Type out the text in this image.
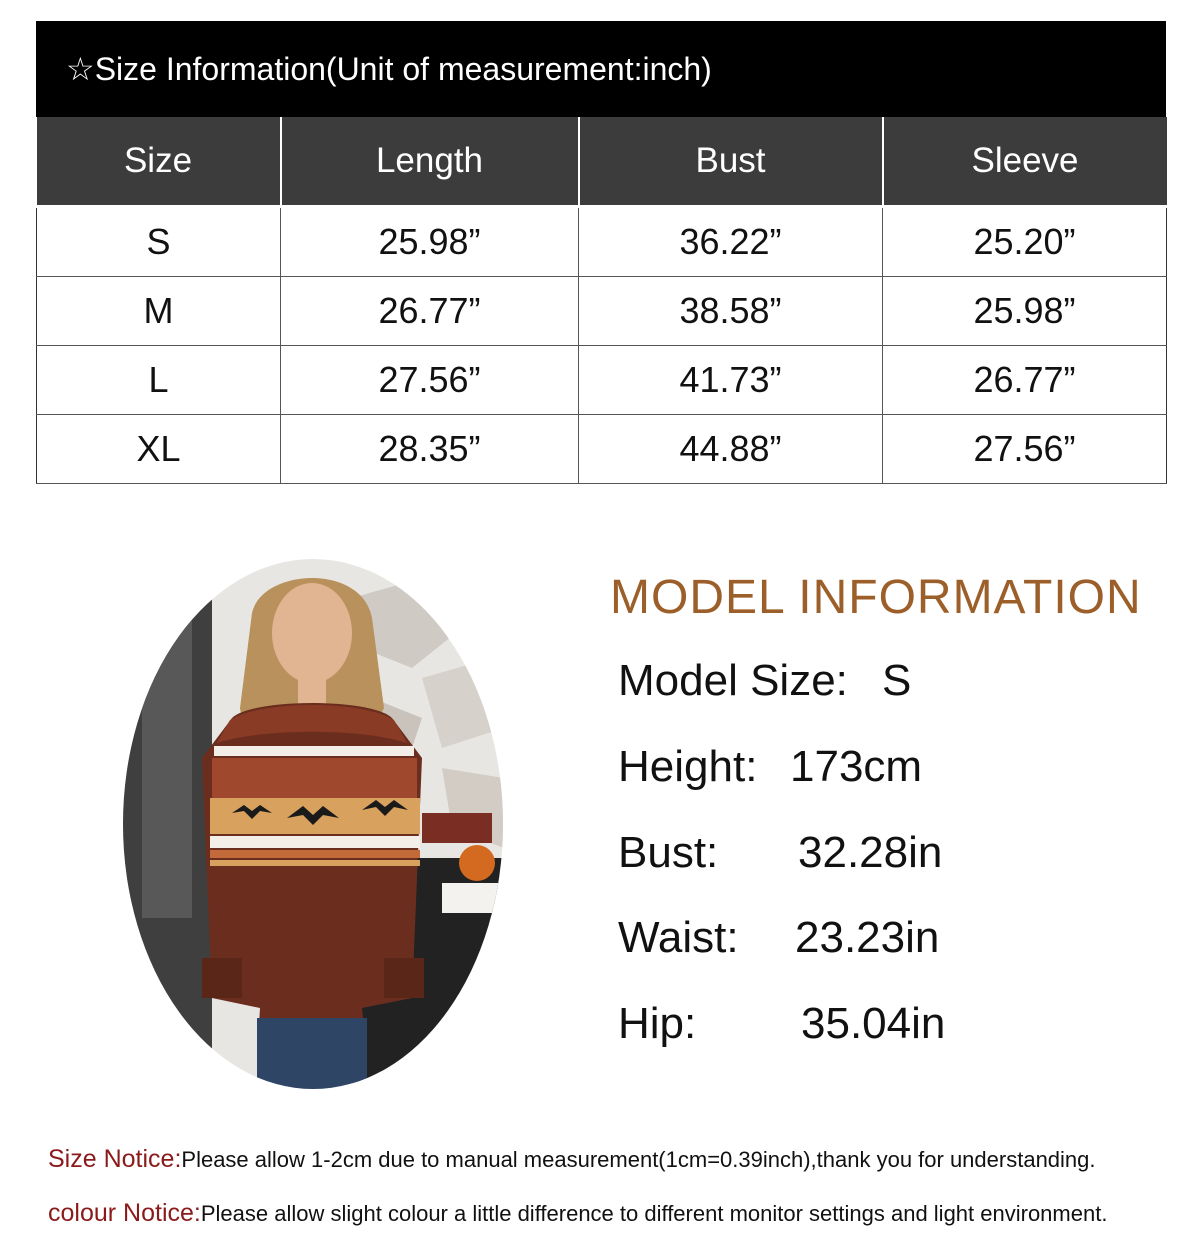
☆Size Information(Unit of measurement:inch)
Size	Length	Bust	Sleeve
S	25.98”	36.22”	25.20”
M	26.77”	38.58”	25.98”
L	27.56”	41.73”	26.77”
XL	28.35”	44.88”	27.56”
MODEL INFORMATION
Model Size: S
Height: 173cm
Bust: 32.28in
Waist: 23.23in
Hip: 35.04in
Size Notice:Please allow 1-2cm due to manual measurement(1cm=0.39inch),thank you for understanding.
colour Notice:Please allow slight colour a little difference to different monitor settings and light environment.
